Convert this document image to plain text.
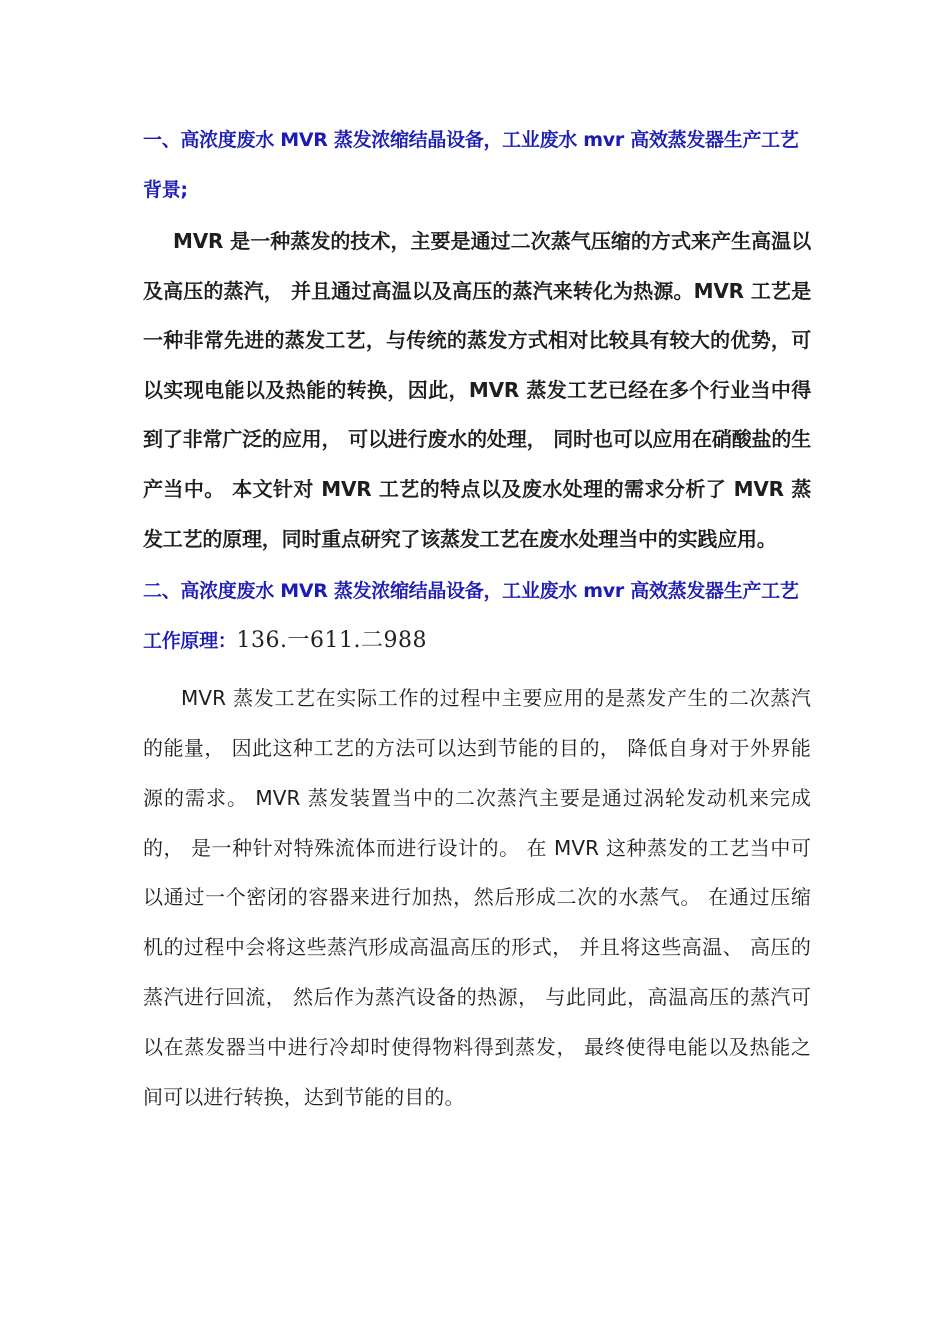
一、高浓度废水 MVR 蒸发浓缩结晶设备，工业废水 mvr 高效蒸发器生产工艺背景;

MVR 是一种蒸发的技术，主要是通过二次蒸气压缩的方式来产生高温以及高压的蒸汽， 并且通过高温以及高压的蒸汽来转化为热源。MVR 工艺是一种非常先进的蒸发工艺，与传统的蒸发方式相对比较具有较大的优势，可以实现电能以及热能的转换，因此，MVR 蒸发工艺已经在多个行业当中得到了非常广泛的应用， 可以进行废水的处理， 同时也可以应用在硝酸盐的生产当中。 本文针对 MVR 工艺的特点以及废水处理的需求分析了 MVR 蒸发工艺的原理，同时重点研究了该蒸发工艺在废水处理当中的实践应用。

二、高浓度废水 MVR 蒸发浓缩结晶设备，工业废水 mvr 高效蒸发器生产工艺工作原理：136.一611.二988

MVR 蒸发工艺在实际工作的过程中主要应用的是蒸发产生的二次蒸汽的能量， 因此这种工艺的方法可以达到节能的目的， 降低自身对于外界能源的需求。 MVR 蒸发装置当中的二次蒸汽主要是通过涡轮发动机来完成的， 是一种针对特殊流体而进行设计的。 在 MVR 这种蒸发的工艺当中可以通过一个密闭的容器来进行加热，然后形成二次的水蒸气。 在通过压缩机的过程中会将这些蒸汽形成高温高压的形式， 并且将这些高温、 高压的蒸汽进行回流， 然后作为蒸汽设备的热源， 与此同此，高温高压的蒸汽可以在蒸发器当中进行冷却时使得物料得到蒸发， 最终使得电能以及热能之间可以进行转换，达到节能的目的。
